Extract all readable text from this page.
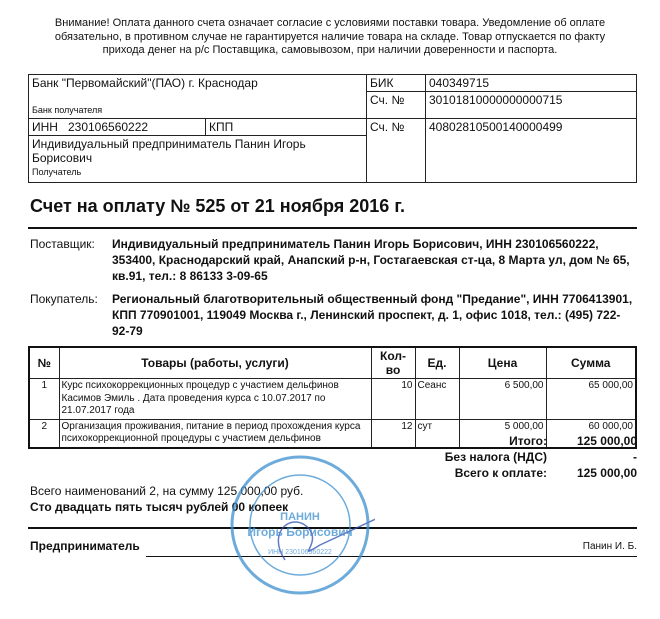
Внимание! Оплата данного счета означает согласие с условиями поставки товара. Уведомление об оплате
обязательно, в противном случае не гарантируется наличие товара на складе. Товар отпускается по факту
прихода денег на р/с Поставщика, самовывозом, при наличии доверенности и паспорта.
Банк "Первомайский"(ПАО) г. Краснодар
Банк получателя		БИК	040349715
		Сч. №	30101810000000000715
ИНН 230106560222	КПП	Сч. №	40802810500140000499

Индивидуальный предприниматель Панин Игорь Борисович
Получатель			
Счет на оплату № 525 от 21 ноября 2016 г.
Поставщик:	Индивидуальный предприниматель Панин Игорь Борисович, ИНН 230106560222, 353400, Краснодарский край, Анапский р-н, Гостагаевская ст-ца, 8 Марта ул, дом № 65, кв.91, тел.: 8 86133 3-09-65
Покупатель:	Региональный благотворительный общественный фонд "Предание", ИНН 7706413901, КПП 770901001, 119049 Москва г., Ленинский проспект, д. 1, офис 1018, тел.: (495) 722-92-79
№	Товары (работы, услуги)	Кол-во	Ед.	Цена	Сумма
1	Курс психокоррекционных процедур с участием дельфинов Касимов Эмиль . Дата проведения курса с 10.07.2017 по 21.07.2017 года	10	Сеанс	6 500,00	65 000,00
2	Организация проживания, питание в период прохождения курса психокоррекционной процедуры с участием дельфинов	12	сут	5 000,00	60 000,00
Итого: 125 000,00
Без налога (НДС)	-
Всего к оплате: 125 000,00
Всего наименований 2, на сумму 125 000,00 руб.
Сто двадцать пять тысяч рублей 00 копеек
Предприниматель	Панин И. Б.
ПАНИН
Игорь Борисович
ИНН 230106560222
